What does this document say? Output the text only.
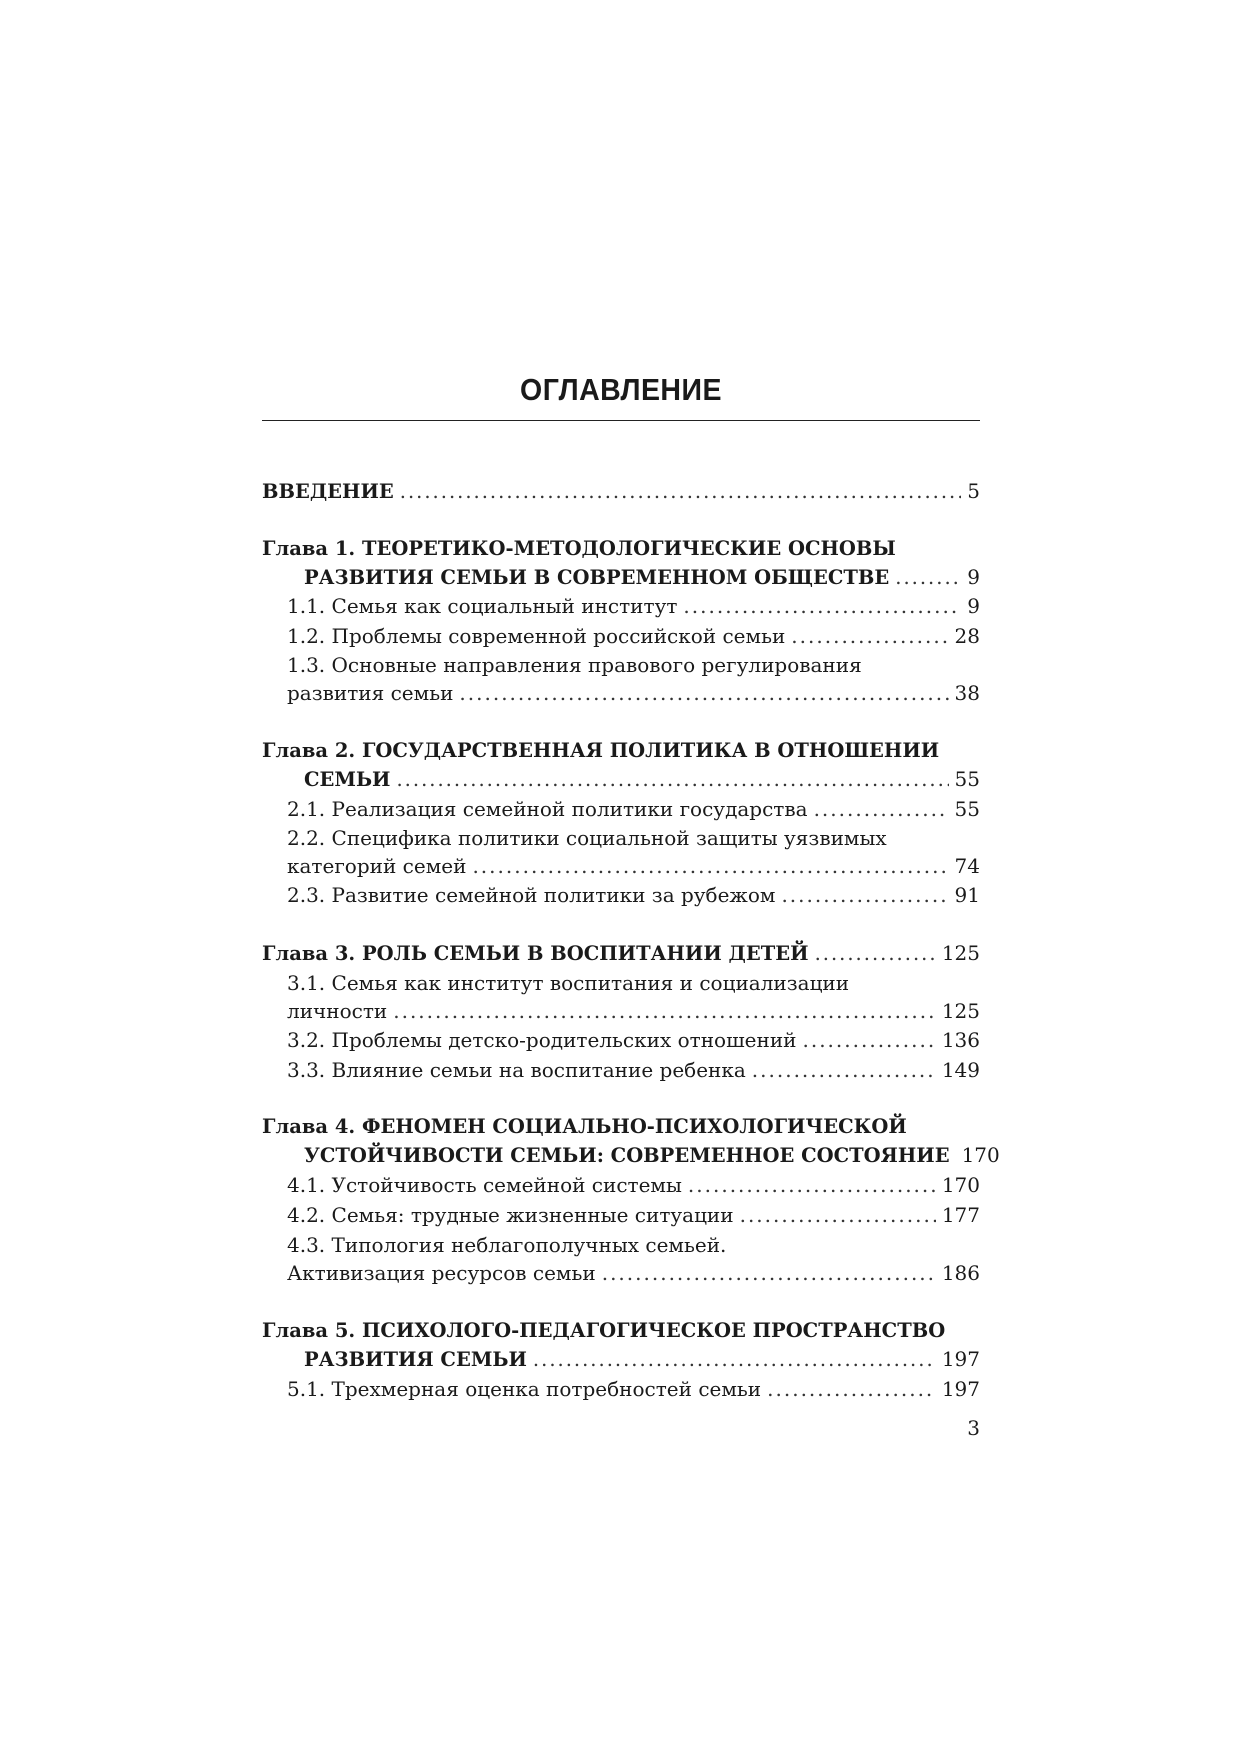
ОГЛАВЛЕНИЕ
ВВЕДЕНИЕ .....	5
Глава 1. ТЕОРЕТИКО-МЕТОДОЛОГИЧЕСКИЕ ОСНОВЫ
РАЗВИТИЯ СЕМЬИ В СОВРЕМЕННОМ ОБЩЕСТВЕ .....	9
1.1. Семья как социальный институт .....	9
1.2. Проблемы современной российской семьи .....	28
1.3. Основные направления правового регулирования
развития семьи .....	38
Глава 2. ГОСУДАРСТВЕННАЯ ПОЛИТИКА В ОТНОШЕНИИ
СЕМЬИ .....	55
2.1. Реализация семейной политики государства .....	55
2.2. Специфика политики социальной защиты уязвимых
категорий семей .....	74
2.3. Развитие семейной политики за рубежом .....	91
Глава 3. РОЛЬ СЕМЬИ В ВОСПИТАНИИ ДЕТЕЙ .....	125
3.1. Семья как институт воспитания и социализации
личности .....	125
3.2. Проблемы детско-родительских отношений .....	136
3.3. Влияние семьи на воспитание ребенка .....	149
Глава 4. ФЕНОМЕН СОЦИАЛЬНО-ПСИХОЛОГИЧЕСКОЙ
УСТОЙЧИВОСТИ СЕМЬИ: СОВРЕМЕННОЕ СОСТОЯНИЕ 170
4.1. Устойчивость семейной системы .....	170
4.2. Семья: трудные жизненные ситуации .....	177
4.3. Типология неблагополучных семьей.
Активизация ресурсов семьи .....	186
Глава 5. ПСИХОЛОГО-ПЕДАГОГИЧЕСКОЕ ПРОСТРАНСТВО
РАЗВИТИЯ СЕМЬИ .....	197
5.1. Трехмерная оценка потребностей семьи .....	197
3
